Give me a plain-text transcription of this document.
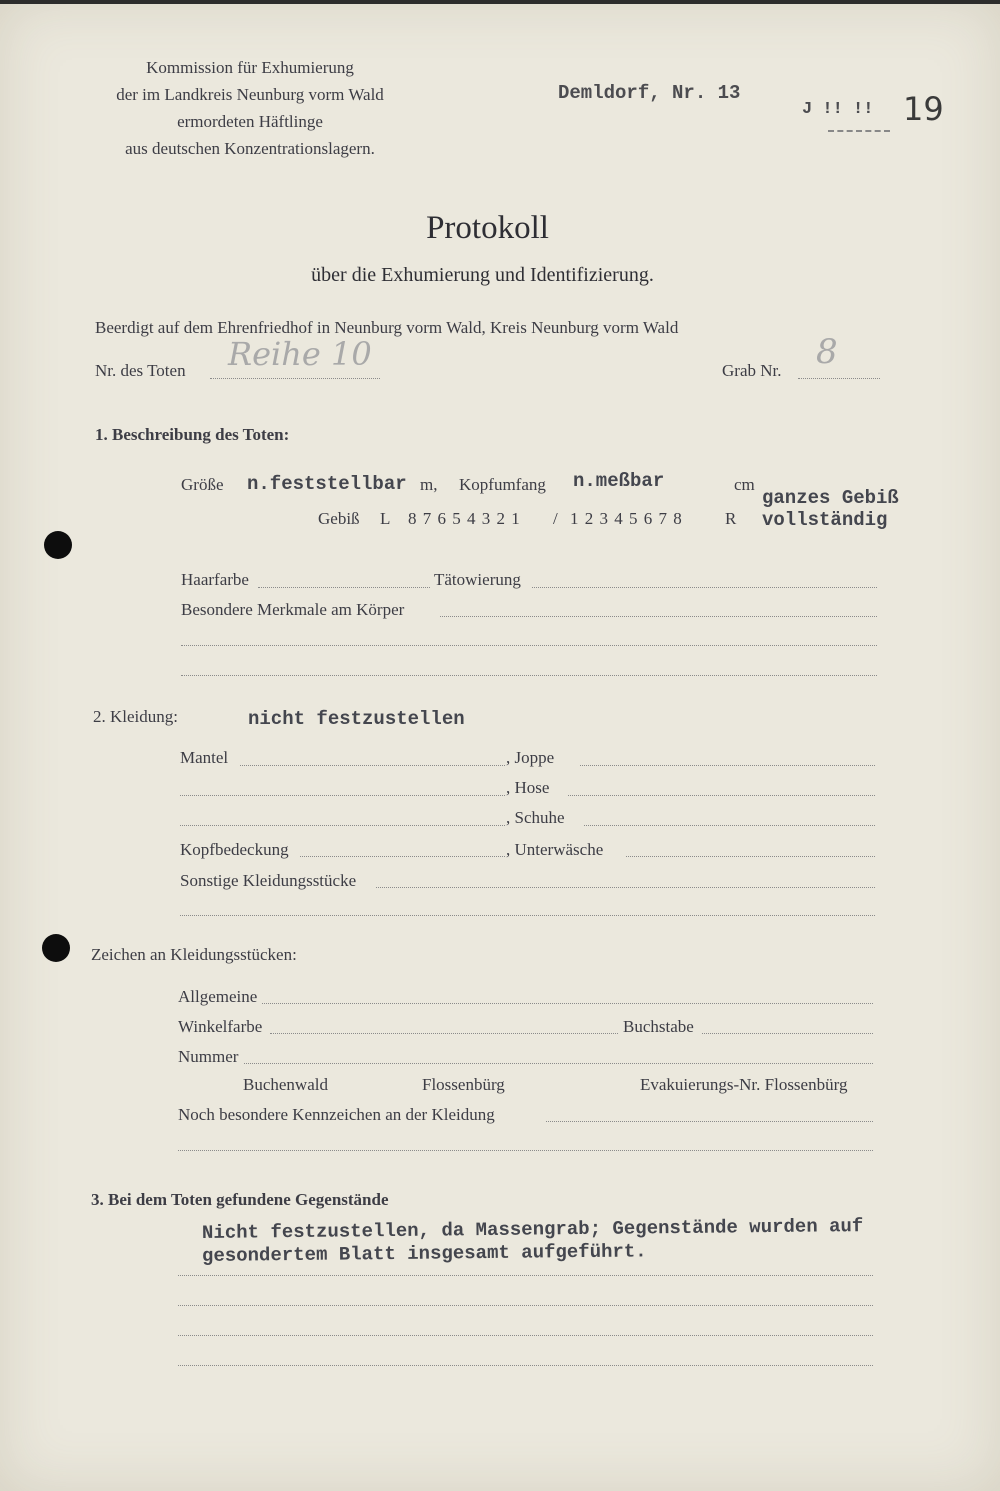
Kommission für Exhumierung
der im Landkreis Neunburg vorm Wald
ermordeten Häftlinge
aus deutschen Konzentrationslagern.
Demldorf, Nr. 13
J !! !! 19
Protokoll
über die Exhumierung und Identifizierung.
Beerdigt auf dem Ehrenfriedhof in Neunburg vorm Wald, Kreis Neunburg vorm Wald
Nr. des Toten Reihe 10	Grab Nr. 8
1. Beschreibung des Toten:
Größe n.feststellbar m, Kopfumfang n.meßbar	cm
Gebiß L 8 7 6 5 4 3 2 1 / 1 2 3 4 5 6 7 8 R
ganzes Gebiß
vollständig
Haarfarbe	Tätowierung
Besondere Merkmale am Körper
2. Kleidung:	nicht festzustellen
Mantel	, Joppe
, Hose
, Schuhe
Kopfbedeckung	, Unterwäsche
Sonstige Kleidungsstücke
Zeichen an Kleidungsstücken:
Allgemeine
Winkelfarbe	Buchstabe
Nummer
Buchenwald	Flossenbürg	Evakuierungs-Nr. Flossenbürg
Noch besondere Kennzeichen an der Kleidung
3. Bei dem Toten gefundene Gegenstände
Nicht festzustellen, da Massengrab; Gegenstände wurden auf
gesondertem Blatt insgesamt aufgeführt.
